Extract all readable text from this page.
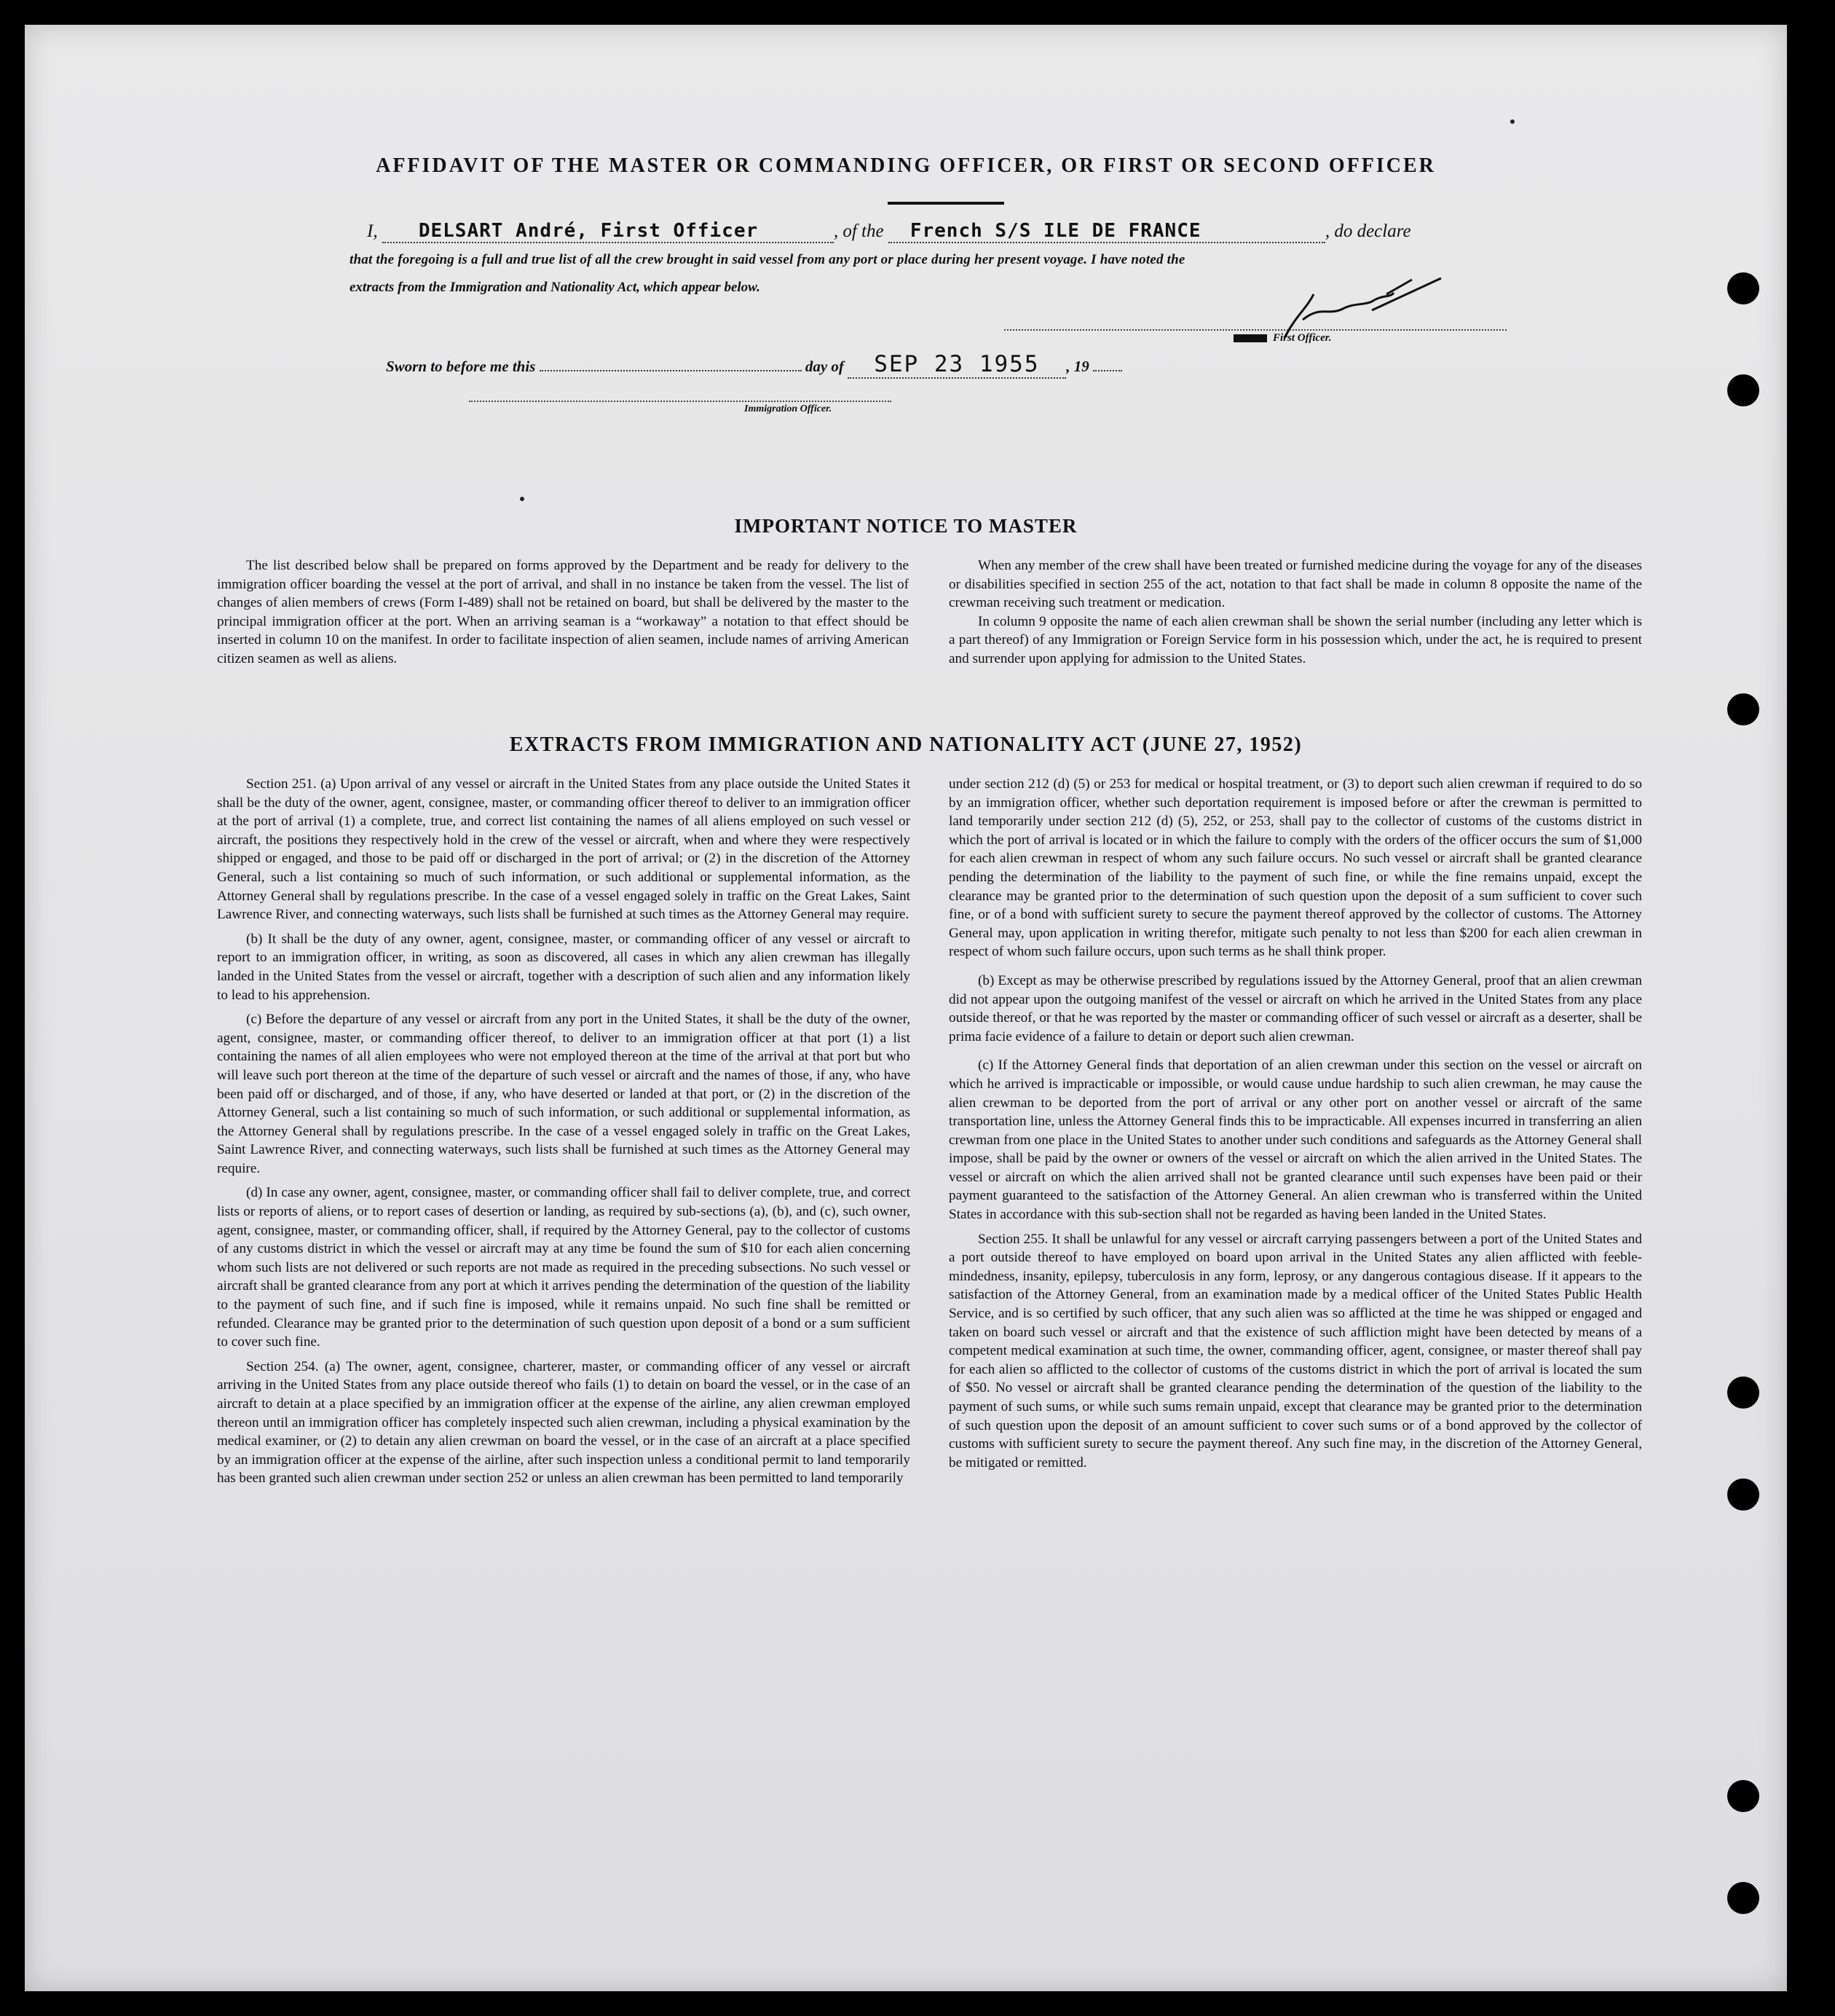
AFFIDAVIT OF THE MASTER OR COMMANDING OFFICER, OR FIRST OR SECOND OFFICER
I, DELSART André, First Officer	, of the French S/S ILE DE FRANCE	, do declare
that the foregoing is a full and true list of all the crew brought in said vessel from any port or place during her present voyage. I have noted the
extracts from the Immigration and Nationality Act, which appear below.
First Officer.
Sworn to before me this	day of SEP 23 1955 , 19
Immigration Officer.
IMPORTANT NOTICE TO MASTER

The list described below shall be prepared on forms approved by the Department and be ready for delivery to the immigration officer boarding the vessel at the port of arrival, and shall in no instance be taken from the vessel. The list of changes of alien members of crews (Form I-489) shall not be retained on board, but shall be delivered by the master to the principal immigration officer at the port. When an arriving seaman is a “workaway” a notation to that effect should be inserted in column 10 on the manifest. In order to facilitate inspection of alien seamen, include names of arriving American citizen seamen as well as aliens.

When any member of the crew shall have been treated or furnished medicine during the voyage for any of the diseases or disabilities specified in section 255 of the act, notation to that fact shall be made in column 8 opposite the name of the crewman receiving such treatment or medication.

In column 9 opposite the name of each alien crewman shall be shown the serial number (including any letter which is a part thereof) of any Immigration or Foreign Service form in his possession which, under the act, he is required to present and surrender upon applying for admission to the United States.

EXTRACTS FROM IMMIGRATION AND NATIONALITY ACT (JUNE 27, 1952)

Section 251. (a) Upon arrival of any vessel or aircraft in the United States from any place outside the United States it shall be the duty of the owner, agent, consignee, master, or commanding officer thereof to deliver to an immigration officer at the port of arrival (1) a complete, true, and correct list containing the names of all aliens employed on such vessel or aircraft, the positions they respectively hold in the crew of the vessel or aircraft, when and where they were respectively shipped or engaged, and those to be paid off or discharged in the port of arrival; or (2) in the discretion of the Attorney General, such a list containing so much of such information, or such additional or supplemental information, as the Attorney General shall by regulations prescribe. In the case of a vessel engaged solely in traffic on the Great Lakes, Saint Lawrence River, and connecting waterways, such lists shall be furnished at such times as the Attorney General may require.

(b) It shall be the duty of any owner, agent, consignee, master, or commanding officer of any vessel or aircraft to report to an immigration officer, in writing, as soon as discovered, all cases in which any alien crewman has illegally landed in the United States from the vessel or aircraft, together with a description of such alien and any information likely to lead to his apprehension.

(c) Before the departure of any vessel or aircraft from any port in the United States, it shall be the duty of the owner, agent, consignee, master, or commanding officer thereof, to deliver to an immigration officer at that port (1) a list containing the names of all alien employees who were not employed thereon at the time of the arrival at that port but who will leave such port thereon at the time of the departure of such vessel or aircraft and the names of those, if any, who have been paid off or discharged, and of those, if any, who have deserted or landed at that port, or (2) in the discretion of the Attorney General, such a list containing so much of such information, or such additional or supplemental information, as the Attorney General shall by regulations prescribe. In the case of a vessel engaged solely in traffic on the Great Lakes, Saint Lawrence River, and connecting waterways, such lists shall be furnished at such times as the Attorney General may require.

(d) In case any owner, agent, consignee, master, or commanding officer shall fail to deliver complete, true, and correct lists or reports of aliens, or to report cases of desertion or landing, as required by sub-sections (a), (b), and (c), such owner, agent, consignee, master, or commanding officer, shall, if required by the Attorney General, pay to the collector of customs of any customs district in which the vessel or aircraft may at any time be found the sum of $10 for each alien concerning whom such lists are not delivered or such reports are not made as required in the preceding subsections. No such vessel or aircraft shall be granted clearance from any port at which it arrives pending the determination of the question of the liability to the payment of such fine, and if such fine is imposed, while it remains unpaid. No such fine shall be remitted or refunded. Clearance may be granted prior to the determination of such question upon deposit of a bond or a sum sufficient to cover such fine.

Section 254. (a) The owner, agent, consignee, charterer, master, or commanding officer of any vessel or aircraft arriving in the United States from any place outside thereof who fails (1) to detain on board the vessel, or in the case of an aircraft to detain at a place specified by an immigration officer at the expense of the airline, any alien crewman employed thereon until an immigration officer has completely inspected such alien crewman, including a physical examination by the medical examiner, or (2) to detain any alien crewman on board the vessel, or in the case of an aircraft at a place specified by an immigration officer at the expense of the airline, after such inspection unless a conditional permit to land temporarily has been granted such alien crewman under section 252 or unless an alien crewman has been permitted to land temporarily

under section 212 (d) (5) or 253 for medical or hospital treatment, or (3) to deport such alien crewman if required to do so by an immigration officer, whether such deportation requirement is imposed before or after the crewman is permitted to land temporarily under section 212 (d) (5), 252, or 253, shall pay to the collector of customs of the customs district in which the port of arrival is located or in which the failure to comply with the orders of the officer occurs the sum of $1,000 for each alien crewman in respect of whom any such failure occurs. No such vessel or aircraft shall be granted clearance pending the determination of the liability to the payment of such fine, or while the fine remains unpaid, except the clearance may be granted prior to the determination of such question upon the deposit of a sum sufficient to cover such fine, or of a bond with sufficient surety to secure the payment thereof approved by the collector of customs. The Attorney General may, upon application in writing therefor, mitigate such penalty to not less than $200 for each alien crewman in respect of whom such failure occurs, upon such terms as he shall think proper.

(b) Except as may be otherwise prescribed by regulations issued by the Attorney General, proof that an alien crewman did not appear upon the outgoing manifest of the vessel or aircraft on which he arrived in the United States from any place outside thereof, or that he was reported by the master or commanding officer of such vessel or aircraft as a deserter, shall be prima facie evidence of a failure to detain or deport such alien crewman.

(c) If the Attorney General finds that deportation of an alien crewman under this section on the vessel or aircraft on which he arrived is impracticable or impossible, or would cause undue hardship to such alien crewman, he may cause the alien crewman to be deported from the port of arrival or any other port on another vessel or aircraft of the same transportation line, unless the Attorney General finds this to be impracticable. All expenses incurred in transferring an alien crewman from one place in the United States to another under such conditions and safeguards as the Attorney General shall impose, shall be paid by the owner or owners of the vessel or aircraft on which the alien arrived in the United States. The vessel or aircraft on which the alien arrived shall not be granted clearance until such expenses have been paid or their payment guaranteed to the satisfaction of the Attorney General. An alien crewman who is transferred within the United States in accordance with this sub-section shall not be regarded as having been landed in the United States.

Section 255. It shall be unlawful for any vessel or aircraft carrying passengers between a port of the United States and a port outside thereof to have employed on board upon arrival in the United States any alien afflicted with feeble-mindedness, insanity, epilepsy, tuberculosis in any form, leprosy, or any dangerous contagious disease. If it appears to the satisfaction of the Attorney General, from an examination made by a medical officer of the United States Public Health Service, and is so certified by such officer, that any such alien was so afflicted at the time he was shipped or engaged and taken on board such vessel or aircraft and that the existence of such affliction might have been detected by means of a competent medical examination at such time, the owner, commanding officer, agent, consignee, or master thereof shall pay for each alien so afflicted to the collector of customs of the customs district in which the port of arrival is located the sum of $50. No vessel or aircraft shall be granted clearance pending the determination of the question of the liability to the payment of such sums, or while such sums remain unpaid, except that clearance may be granted prior to the determination of such question upon the deposit of an amount sufficient to cover such sums or of a bond approved by the collector of customs with sufficient surety to secure the payment thereof. Any such fine may, in the discretion of the Attorney General, be mitigated or remitted.
